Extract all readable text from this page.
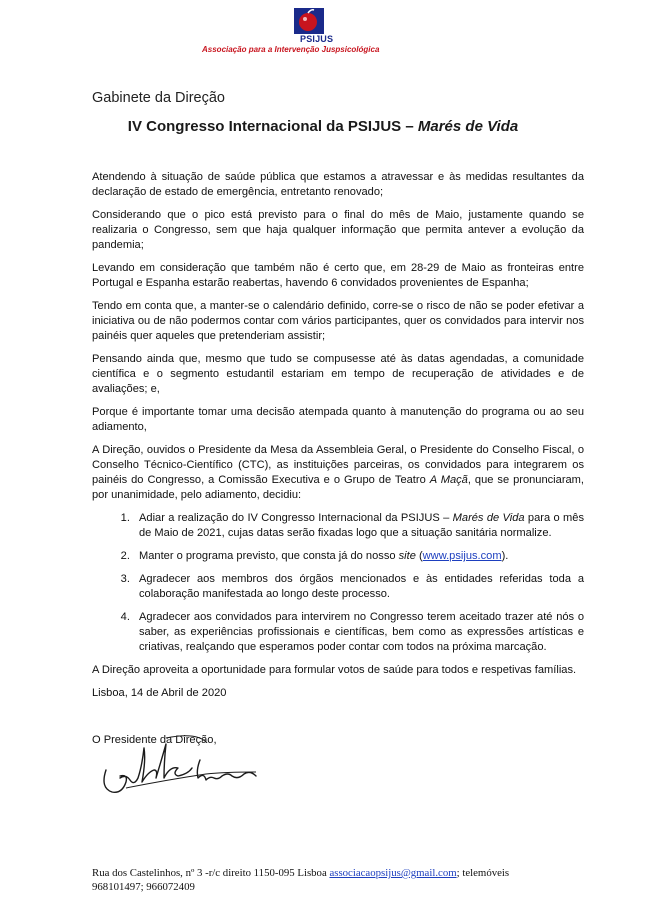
PSIJUS
Associação para a Intervenção Juspsicológica
Gabinete da Direção
IV Congresso Internacional da PSIJUS – Marés de Vida

Atendendo à situação de saúde pública que estamos a atravessar e às medidas resultantes da declaração de estado de emergência, entretanto renovado;

Considerando que o pico está previsto para o final do mês de Maio, justamente quando se realizaria o Congresso, sem que haja qualquer informação que permita antever a evolução da pandemia;

Levando em consideração que também não é certo que, em 28-29 de Maio as fronteiras entre Portugal e Espanha estarão reabertas, havendo 6 convidados provenientes de Espanha;

Tendo em conta que, a manter-se o calendário definido, corre-se o risco de não se poder efetivar a iniciativa ou de não podermos contar com vários participantes, quer os convidados para intervir nos painéis quer aqueles que pretenderiam assistir;

Pensando ainda que, mesmo que tudo se compusesse até às datas agendadas, a comunidade científica e o segmento estudantil estariam em tempo de recuperação de atividades e de avaliações; e,

Porque é importante tomar uma decisão atempada quanto à manutenção do programa ou ao seu adiamento,

A Direção, ouvidos o Presidente da Mesa da Assembleia Geral, o Presidente do Conselho Fiscal, o Conselho Técnico-Científico (CTC), as instituições parceiras, os convidados para integrarem os painéis do Congresso, a Comissão Executiva e o Grupo de Teatro A Maçã, que se pronunciaram, por unanimidade, pelo adiamento, decidiu:

1. Adiar a realização do IV Congresso Internacional da PSIJUS – Marés de Vida para o mês de Maio de 2021, cujas datas serão fixadas logo que a situação sanitária normalize.
2. Manter o programa previsto, que consta já do nosso site (www.psijus.com).
3. Agradecer aos membros dos órgãos mencionados e às entidades referidas toda a colaboração manifestada ao longo deste processo.
4. Agradecer aos convidados para intervirem no Congresso terem aceitado trazer até nós o saber, as experiências profissionais e científicas, bem como as expressões artísticas e criativas, realçando que esperamos poder contar com todos na próxima marcação.

A Direção aproveita a oportunidade para formular votos de saúde para todos e respetivas famílias.

Lisboa, 14 de Abril de 2020

O Presidente da Direção,

Rua dos Castelinhos, nº 3 -r/c direito 1150-095 Lisboa associacaopsijus@gmail.com; telemóveis
968101497; 966072409
